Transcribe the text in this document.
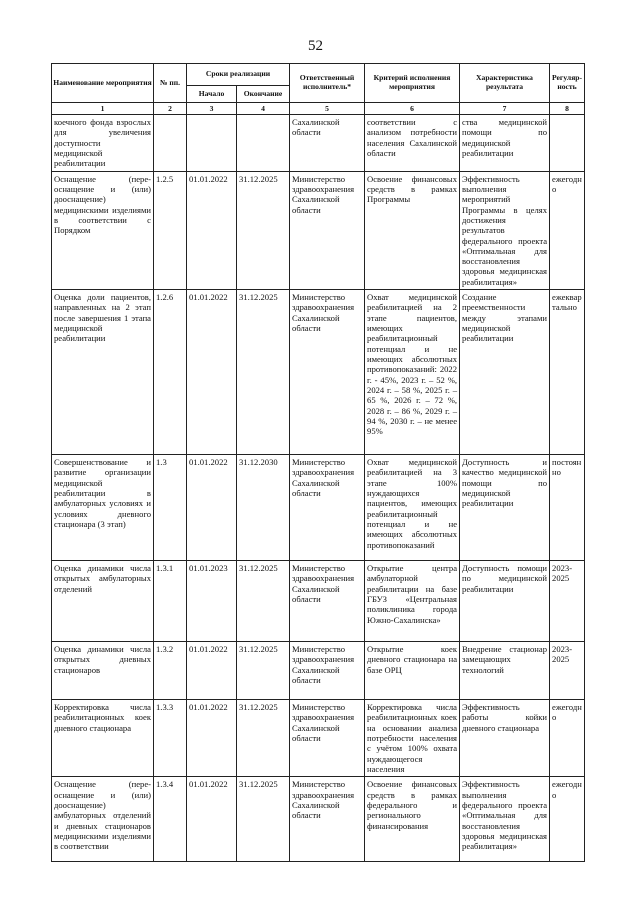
52
Наименование мероприятия	№ пп.	Сроки реализации		Ответственный исполнитель*	Критерий исполнения мероприятия	Характеристика результата	Регуляр-ность
		Начало	Окончание				
1	2	3	4	5	6	7	8
коечного фонда взрослых для увеличения доступности медицинской реабилитации				Сахалинской области	соответствии с анализом потребности населения Сахалинской области	ства медицинской помощи по медицинской реабилитации	
Оснащение (пере-оснащение и (или) дооснащение) медицинскими изделиями в соответствии с Порядком	1.2.5	01.01.2022	31.12.2025	Министерство здравоохранения Сахалинской области	Освоение финансовых средств в рамках Программы	Эффективность выполнения мероприятий Программы в целях достижения результатов федерального проекта «Оптимальная для восстановления здоровья медицинская реабилитация»	ежегодно
Оценка доли пациентов, направленных на 2 этап после завершения 1 этапа медицинской реабилитации	1.2.6	01.01.2022	31.12.2025	Министерство здравоохранения Сахалинской области	Охват медицинской реабилитацией на 2 этапе пациентов, имеющих реабилитационный потенциал и не имеющих абсолютных противопоказаний: 2022 г. - 45%, 2023 г. – 52 %, 2024 г. – 58 %, 2025 г. – 65 %, 2026 г. – 72 %, 2028 г. – 86 %, 2029 г. – 94 %, 2030 г. – не менее 95%	Создание преемственности между этапами медицинской реабилитации	ежеквартально
Совершенствование и развитие организации медицинской реабилитации в амбулаторных условиях и условиях дневного стационара (3 этап)	1.3	01.01.2022	31.12.2030	Министерство здравоохранения Сахалинской области	Охват медицинской реабилитацией на 3 этапе 100% нуждающихся пациентов, имеющих реабилитационный потенциал и не имеющих абсолютных противопоказаний	Доступность и качество медицинской помощи по медицинской реабилитации	постоянно
Оценка динамики числа открытых амбулаторных отделений	1.3.1	01.01.2023	31.12.2025	Министерство здравоохранения Сахалинской области	Открытие центра амбулаторной реабилитации на базе ГБУЗ «Центральная поликлиника города Южно-Сахалинска»	Доступность помощи по медицинской реабилитации	2023-2025
Оценка динамики числа открытых дневных стационаров	1.3.2	01.01.2022	31.12.2025	Министерство здравоохранения Сахалинской области	Открытие коек дневного стационара на базе ОРЦ	Внедрение стационар замещающих технологий	2023-2025
Корректировка числа реабилитационных коек дневного стационара	1.3.3	01.01.2022	31.12.2025	Министерство здравоохранения Сахалинской области	Корректировка числа реабилитационных коек на основании анализа потребности населения с учётом 100% охвата нуждающегося населения	Эффективность работы койки дневного стационара	ежегодно
Оснащение (пере-оснащение и (или) дооснащение) амбулаторных отделений и дневных стационаров медицинскими изделиями в соответствии	1.3.4	01.01.2022	31.12.2025	Министерство здравоохранения Сахалинской области	Освоение финансовых средств в рамках федерального и регионального финансирования	Эффективность выполнения федерального проекта «Оптимальная для восстановления здоровья медицинская реабилитация»	ежегодно
